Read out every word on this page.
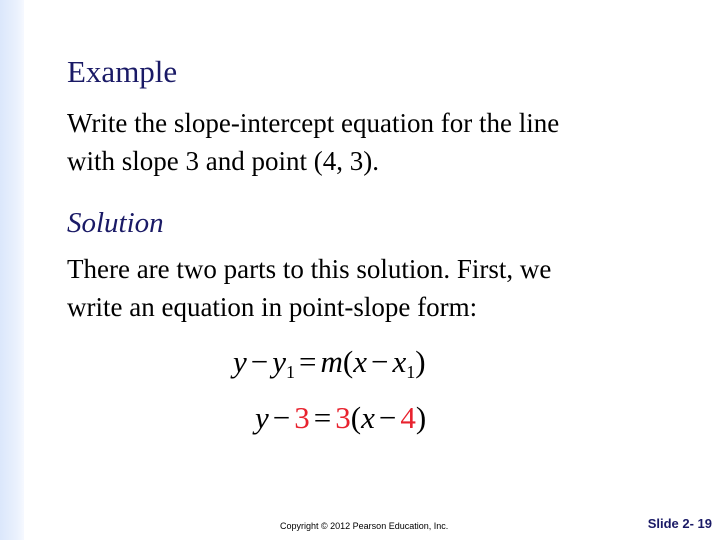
Example

Write the slope-intercept equation for the line
with slope 3 and point (4, 3).

Solution

There are two parts to this solution. First, we
write an equation in point-slope form:

$y - y_1 = m(x - x_1)$
y − 3 = 3(x − 4)
Copyright © 2012 Pearson Education, Inc.	Slide 2- 19
